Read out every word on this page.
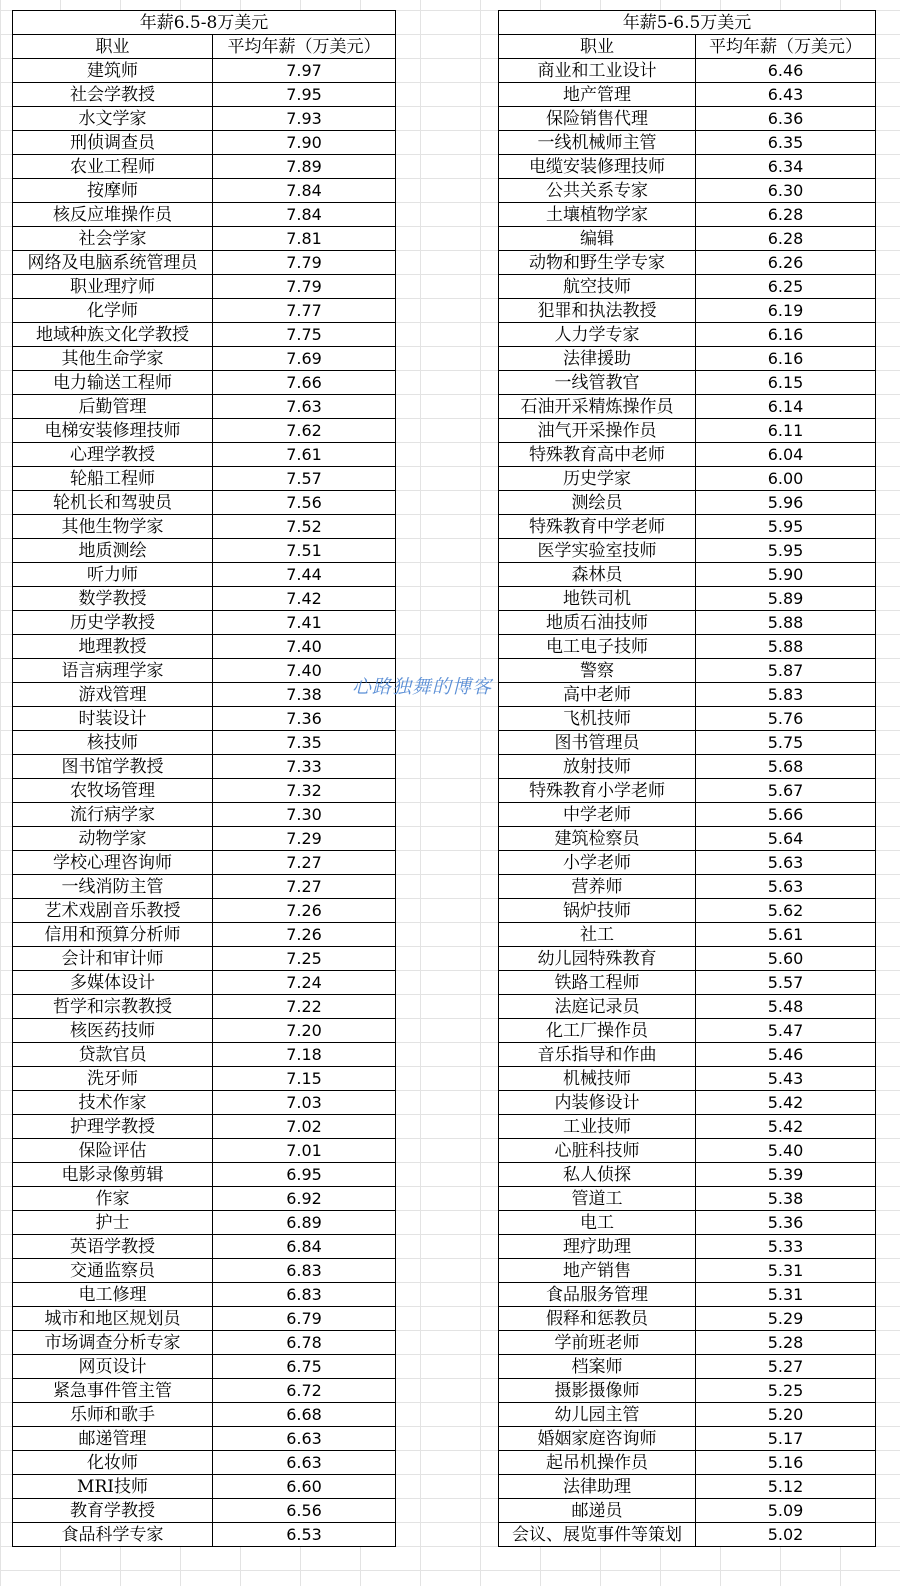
年薪6.5-8万美元	
职业	平均年薪（万美元）
建筑师	7.97
社会学教授	7.95
水文学家	7.93
刑侦调查员	7.90
农业工程师	7.89
按摩师	7.84
核反应堆操作员	7.84
社会学家	7.81
网络及电脑系统管理员	7.79
职业理疗师	7.79
化学师	7.77
地域种族文化学教授	7.75
其他生命学家	7.69
电力输送工程师	7.66
后勤管理	7.63
电梯安装修理技师	7.62
心理学教授	7.61
轮船工程师	7.57
轮机长和驾驶员	7.56
其他生物学家	7.52
地质测绘	7.51
听力师	7.44
数学教授	7.42
历史学教授	7.41
地理教授	7.40
语言病理学家	7.40
游戏管理	7.38
时装设计	7.36
核技师	7.35
图书馆学教授	7.33
农牧场管理	7.32
流行病学家	7.30
动物学家	7.29
学校心理咨询师	7.27
一线消防主管	7.27
艺术戏剧音乐教授	7.26
信用和预算分析师	7.26
会计和审计师	7.25
多媒体设计	7.24
哲学和宗教教授	7.22
核医药技师	7.20
贷款官员	7.18
洗牙师	7.15
技术作家	7.03
护理学教授	7.02
保险评估	7.01
电影录像剪辑	6.95
作家	6.92
护士	6.89
英语学教授	6.84
交通监察员	6.83
电工修理	6.83
城市和地区规划员	6.79
市场调查分析专家	6.78
网页设计	6.75
紧急事件管主管	6.72
乐师和歌手	6.68
邮递管理	6.63
化妆师	6.63
MRI技师	6.60
教育学教授	6.56
食品科学专家	6.53
年薪5-6.5万美元	
职业	平均年薪（万美元）
商业和工业设计	6.46
地产管理	6.43
保险销售代理	6.36
一线机械师主管	6.35
电缆安装修理技师	6.34
公共关系专家	6.30
土壤植物学家	6.28
编辑	6.28
动物和野生学专家	6.26
航空技师	6.25
犯罪和执法教授	6.19
人力学专家	6.16
法律援助	6.16
一线管教官	6.15
石油开采精炼操作员	6.14
油气开采操作员	6.11
特殊教育高中老师	6.04
历史学家	6.00
测绘员	5.96
特殊教育中学老师	5.95
医学实验室技师	5.95
森林员	5.90
地铁司机	5.89
地质石油技师	5.88
电工电子技师	5.88
警察	5.87
高中老师	5.83
飞机技师	5.76
图书管理员	5.75
放射技师	5.68
特殊教育小学老师	5.67
中学老师	5.66
建筑检察员	5.64
小学老师	5.63
营养师	5.63
锅炉技师	5.62
社工	5.61
幼儿园特殊教育	5.60
铁路工程师	5.57
法庭记录员	5.48
化工厂操作员	5.47
音乐指导和作曲	5.46
机械技师	5.43
内装修设计	5.42
工业技师	5.42
心脏科技师	5.40
私人侦探	5.39
管道工	5.38
电工	5.36
理疗助理	5.33
地产销售	5.31
食品服务管理	5.31
假释和惩教员	5.29
学前班老师	5.28
档案师	5.27
摄影摄像师	5.25
幼儿园主管	5.20
婚姻家庭咨询师	5.17
起吊机操作员	5.16
法律助理	5.12
邮递员	5.09
会议、展览事件等策划	5.02
心路独舞的博客
